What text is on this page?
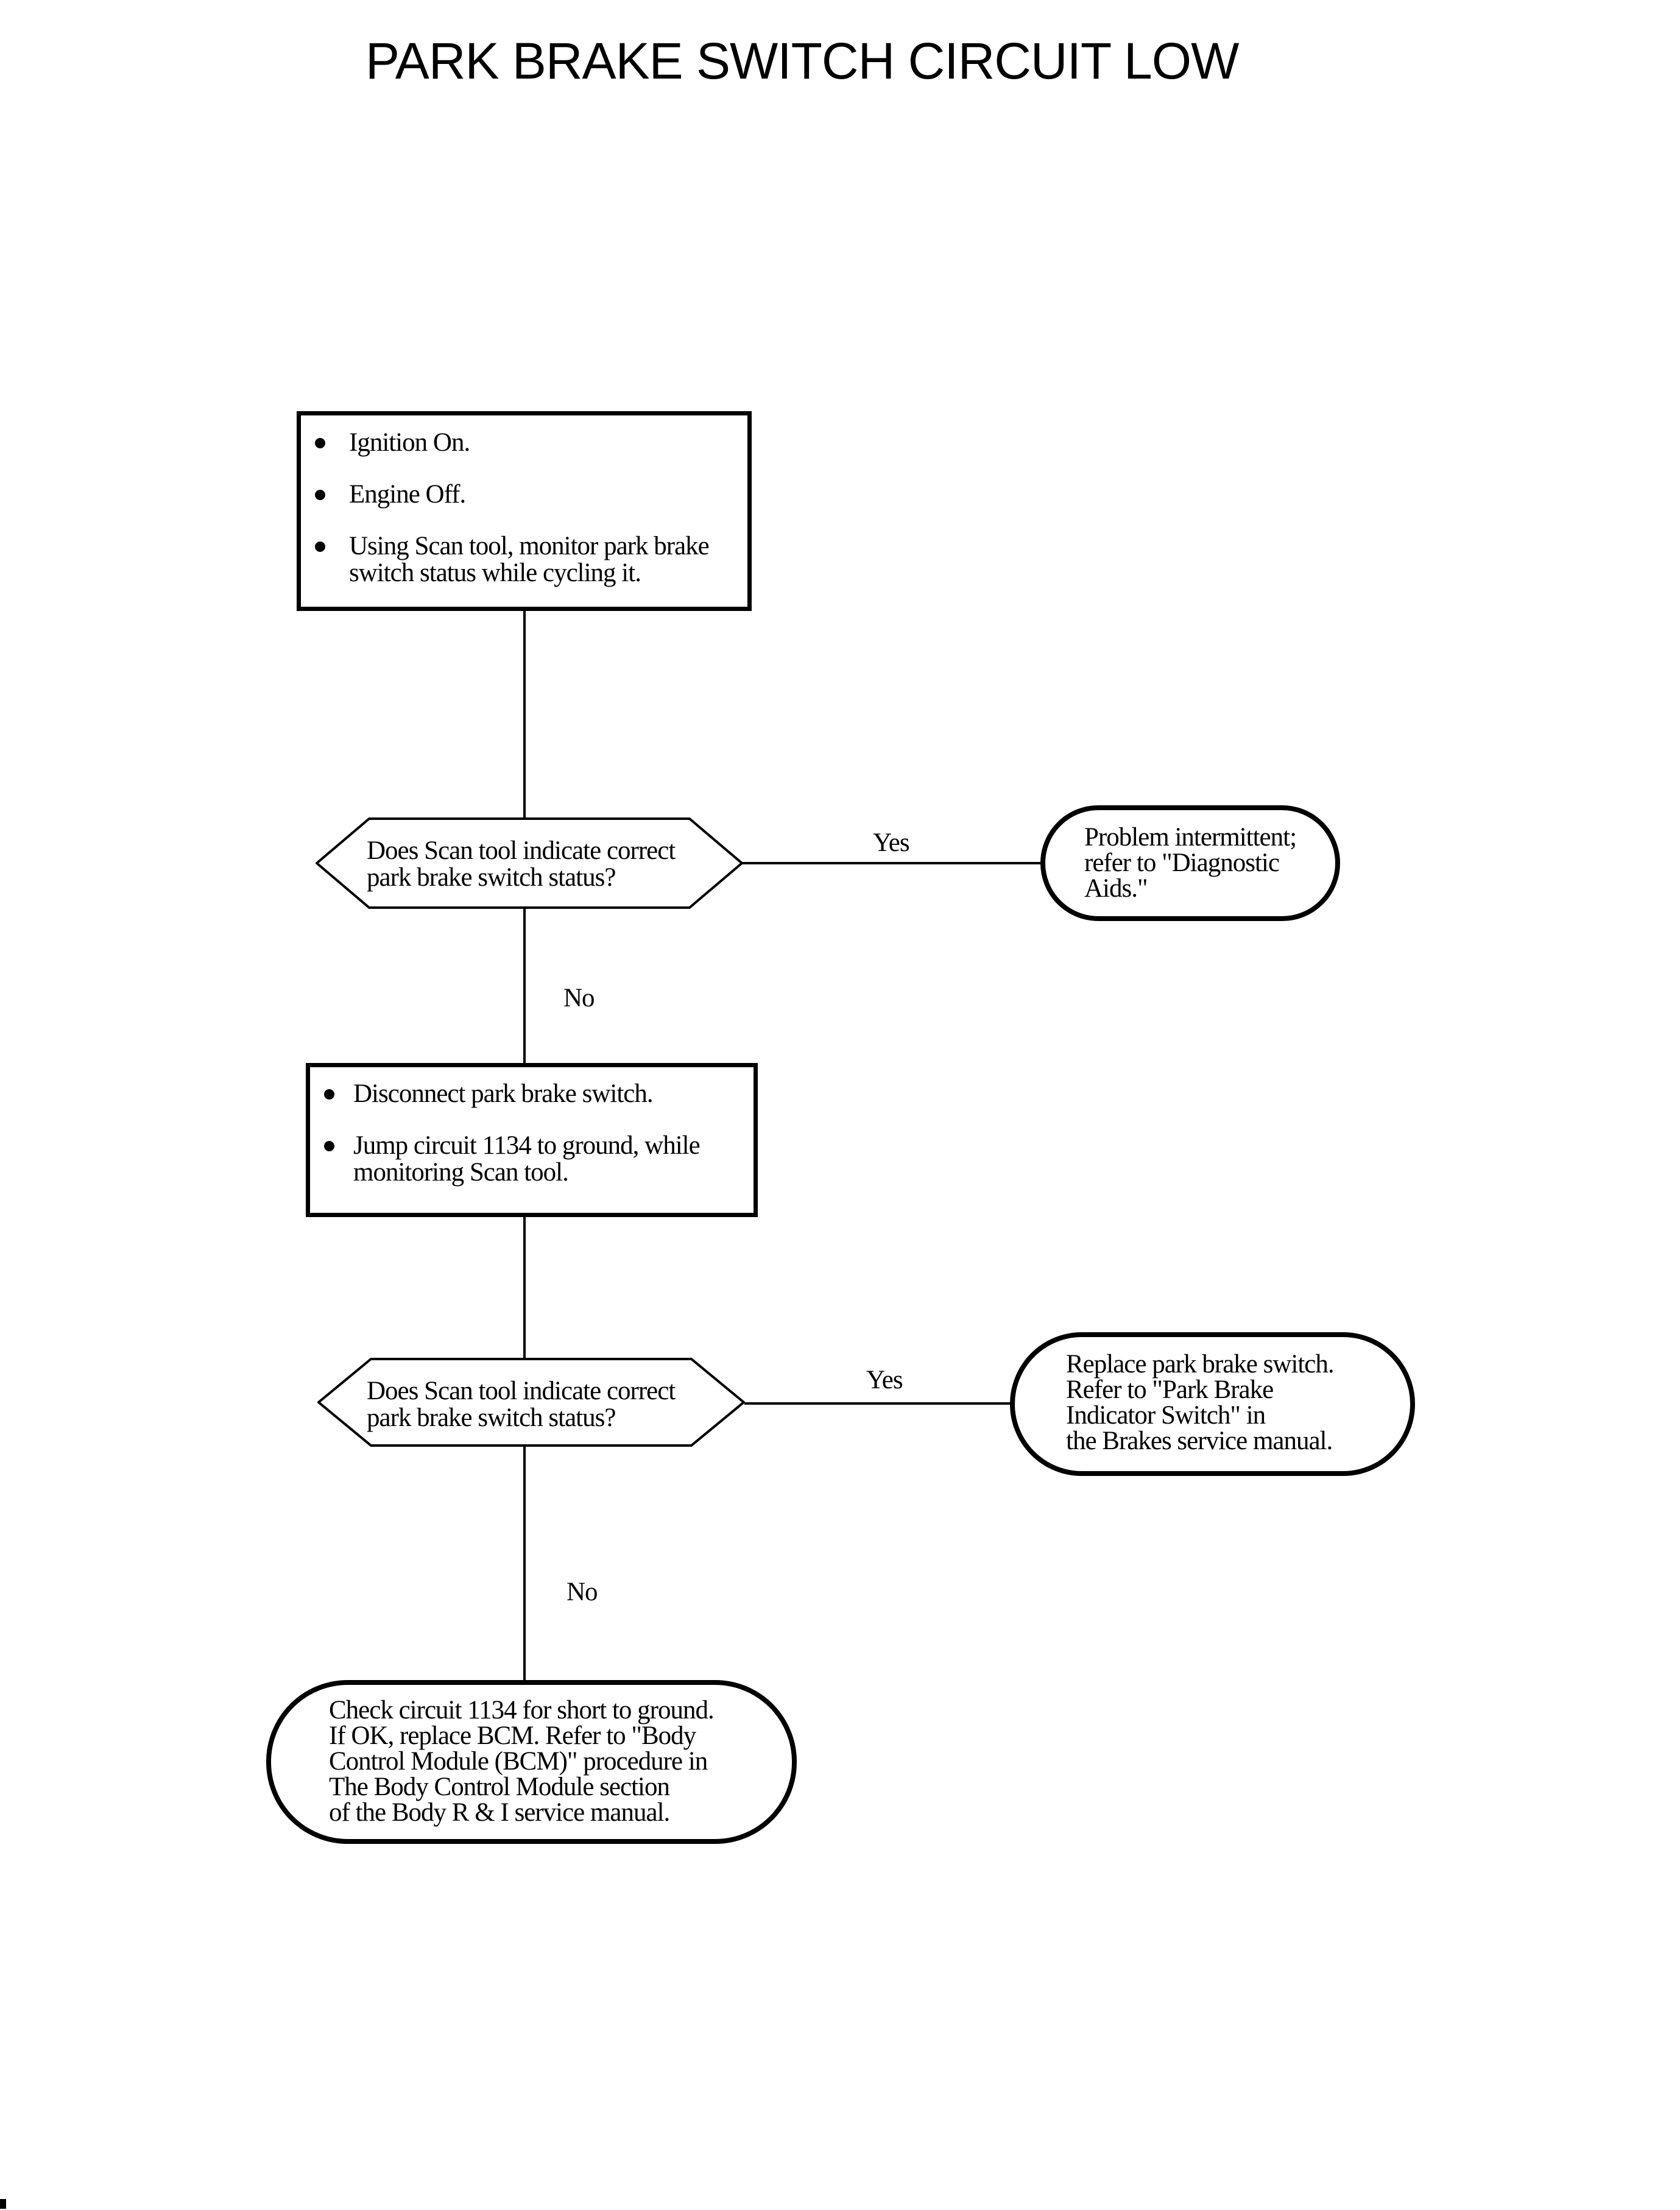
PARK BRAKE SWITCH CIRCUIT LOW
Ignition On.
Engine Off.
Using Scan tool, monitor park brake
switch status while cycling it.
Does Scan tool indicate correct
park brake switch status?
Yes	Problem intermittent;
refer to "Diagnostic
Aids."
No
Disconnect park brake switch.
Jump circuit 1134 to ground, while
monitoring Scan tool.
Does Scan tool indicate correct
park brake switch status?
Yes
Replace park brake switch.
Refer to "Park Brake
Indicator Switch" in
the Brakes service manual.
No
Check circuit 1134 for short to ground.
If OK, replace BCM. Refer to "Body
Control Module (BCM)" procedure in
The Body Control Module section
of the Body R & I service manual.
